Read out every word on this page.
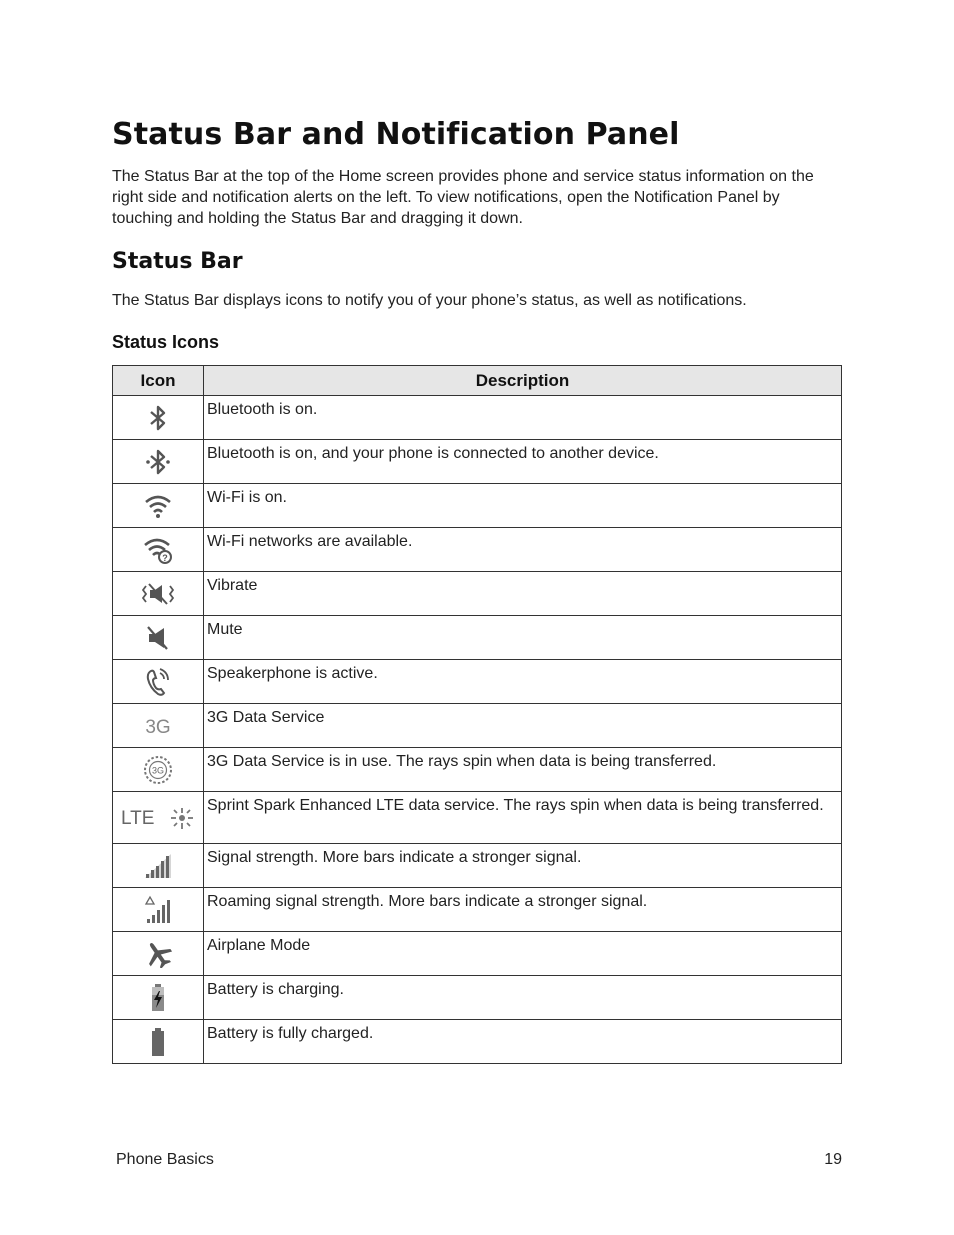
Status Bar and Notification Panel

The Status Bar at the top of the Home screen provides phone and service status information on the right side and notification alerts on the left. To view notifications, open the Notification Panel by touching and holding the Status Bar and dragging it down.

Status Bar

The Status Bar displays icons to notify you of your phone’s status, as well as notifications.

Status Icons
Icon	Description
	Bluetooth is on.
	Bluetooth is on, and your phone is connected to another device.
	Wi-Fi is on.

?	Wi-Fi networks are available.
	Vibrate
	Mute
	Speakerphone is active.

3G	3G Data Service

3G	3G Data Service is in use. The rays spin when data is being transferred.

LTE	Sprint Spark Enhanced LTE data service. The rays spin when data is being transferred.
	Signal strength. More bars indicate a stronger signal.
	Roaming signal strength. More bars indicate a stronger signal.
	Airplane Mode
	Battery is charging.
	Battery is fully charged.
Phone Basics	19
